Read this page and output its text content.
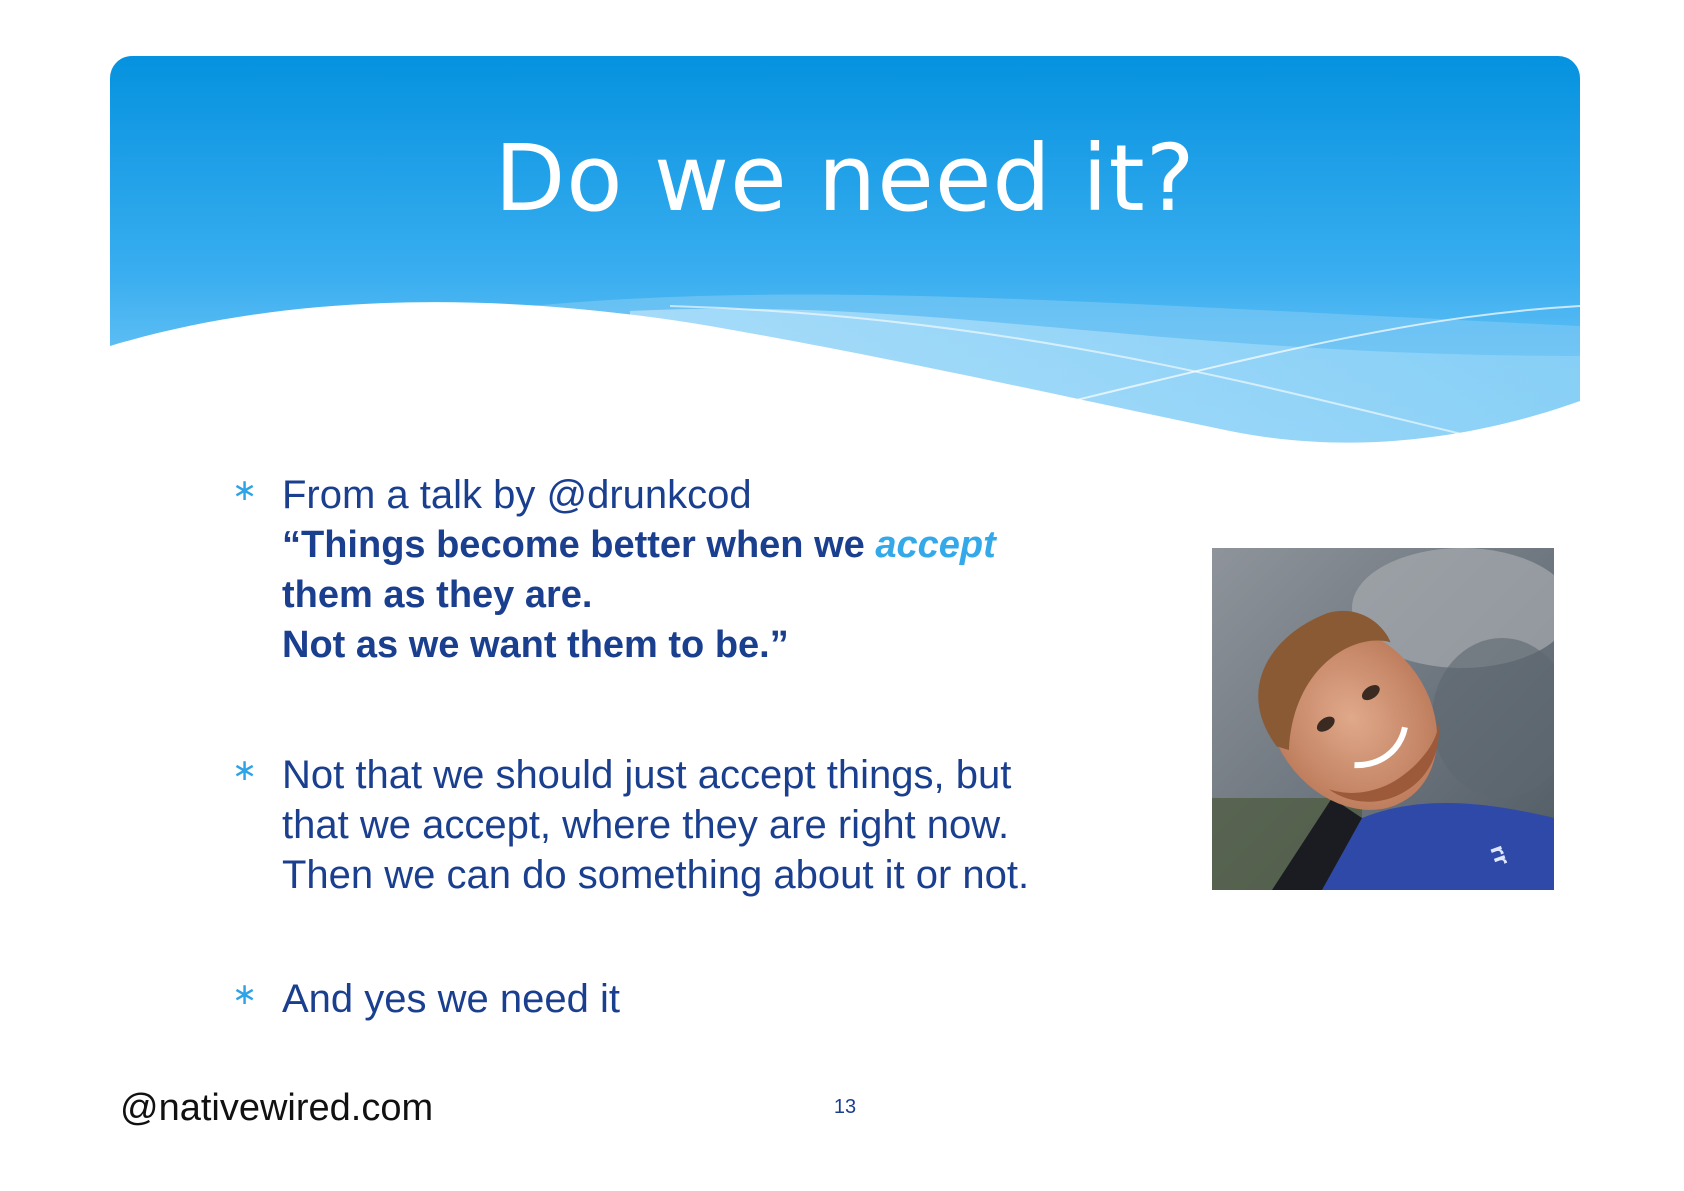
Do we need it?
∗ From a talk by @drunkcod
“Things become better when we accept
them as they are.
Not as we want them to be.”
∗ Not that we should just accept things, but
that we accept, where they are right now.
Then we can do something about it or not.
∗ And yes we need it
rr
@nativewired.com	13
